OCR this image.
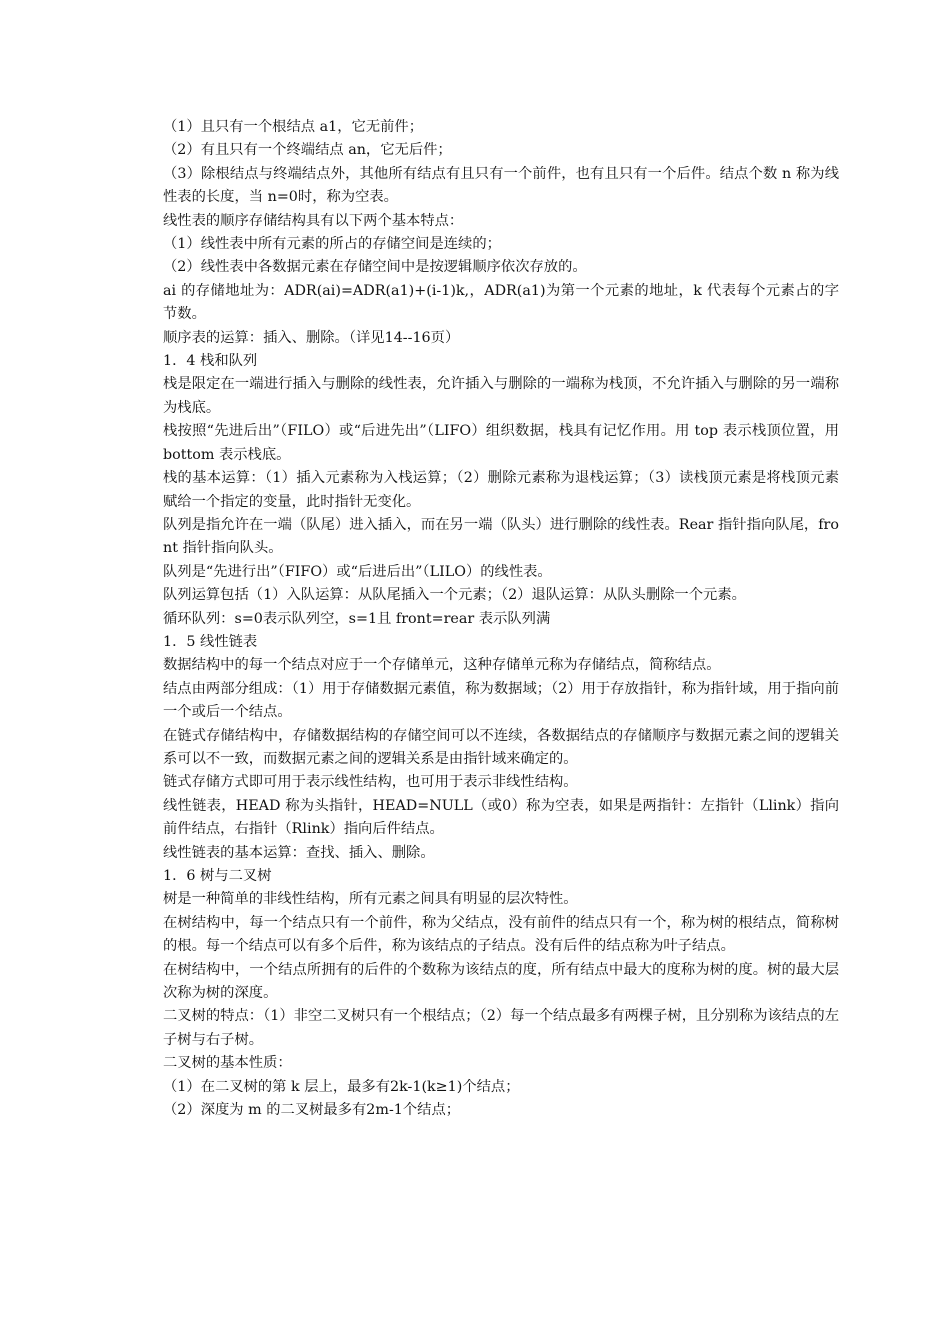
（1）且只有一个根结点 a1，它无前件；

（2）有且只有一个终端结点 an，它无后件；

（3）除根结点与终端结点外，其他所有结点有且只有一个前件，也有且只有一个后件。结点个数 n 称为线性表的长度，当 n=0时，称为空表。

线性表的顺序存储结构具有以下两个基本特点：

（1）线性表中所有元素的所占的存储空间是连续的；

（2）线性表中各数据元素在存储空间中是按逻辑顺序依次存放的。

ai 的存储地址为：ADR(ai)=ADR(a1)+(i-1)k,，ADR(a1)为第一个元素的地址，k 代表每个元素占的字节数。

顺序表的运算：插入、删除。（详见14--16页）

1．4 栈和队列

栈是限定在一端进行插入与删除的线性表，允许插入与删除的一端称为栈顶，不允许插入与删除的另一端称为栈底。

栈按照“先进后出”（FILO）或“后进先出”（LIFO）组织数据，栈具有记忆作用。用 top 表示栈顶位置，用 bottom 表示栈底。

栈的基本运算：（1）插入元素称为入栈运算；（2）删除元素称为退栈运算；（3）读栈顶元素是将栈顶元素赋给一个指定的变量，此时指针无变化。

队列是指允许在一端（队尾）进入插入，而在另一端（队头）进行删除的线性表。Rear 指针指向队尾，front 指针指向队头。

队列是“先进行出”（FIFO）或“后进后出”（LILO）的线性表。

队列运算包括（1）入队运算：从队尾插入一个元素；（2）退队运算：从队头删除一个元素。

循环队列：s=0表示队列空，s=1且 front=rear 表示队列满

1．5 线性链表

数据结构中的每一个结点对应于一个存储单元，这种存储单元称为存储结点，简称结点。

结点由两部分组成：（1）用于存储数据元素值，称为数据域；（2）用于存放指针，称为指针域，用于指向前一个或后一个结点。

在链式存储结构中，存储数据结构的存储空间可以不连续，各数据结点的存储顺序与数据元素之间的逻辑关系可以不一致，而数据元素之间的逻辑关系是由指针域来确定的。

链式存储方式即可用于表示线性结构，也可用于表示非线性结构。

线性链表，HEAD 称为头指针，HEAD=NULL（或0）称为空表，如果是两指针：左指针（Llink）指向前件结点，右指针（Rlink）指向后件结点。

线性链表的基本运算：查找、插入、删除。

1．6 树与二叉树

树是一种简单的非线性结构，所有元素之间具有明显的层次特性。

在树结构中，每一个结点只有一个前件，称为父结点，没有前件的结点只有一个，称为树的根结点，简称树的根。每一个结点可以有多个后件，称为该结点的子结点。没有后件的结点称为叶子结点。

在树结构中，一个结点所拥有的后件的个数称为该结点的度，所有结点中最大的度称为树的度。树的最大层次称为树的深度。

二叉树的特点：（1）非空二叉树只有一个根结点；（2）每一个结点最多有两棵子树，且分别称为该结点的左子树与右子树。

二叉树的基本性质：

（1）在二叉树的第 k 层上，最多有2k-1(k≥1)个结点；

（2）深度为 m 的二叉树最多有2m-1个结点；
